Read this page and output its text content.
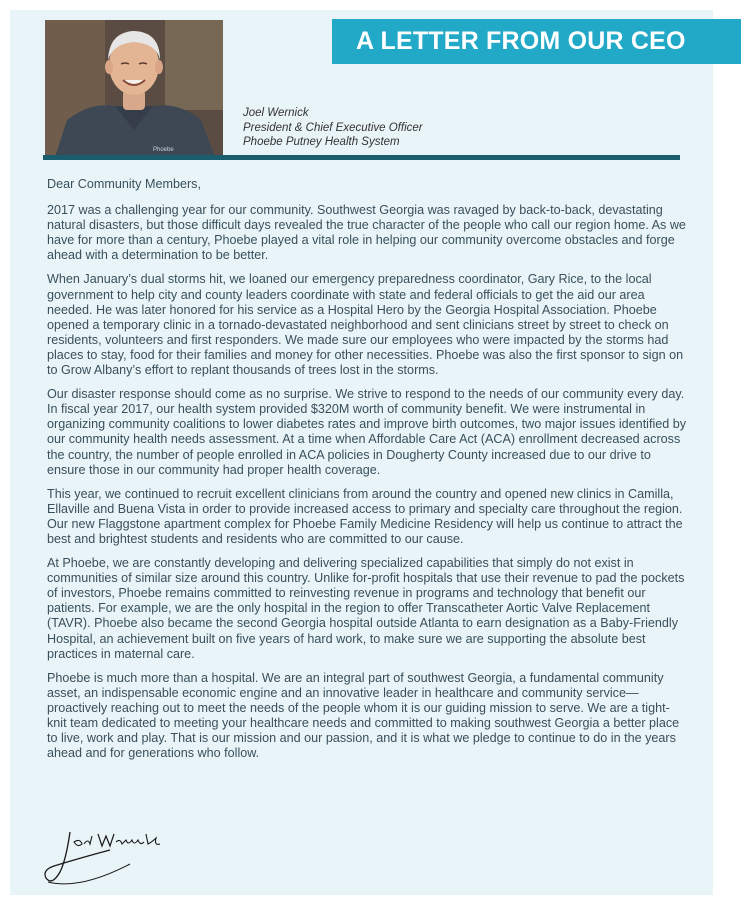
Phoebe
A LETTER FROM OUR CEO
Joel Wernick
President & Chief Executive Officer
Phoebe Putney Health System

Dear Community Members,

2017 was a challenging year for our community. Southwest Georgia was ravaged by back-to-back, devastating natural disasters, but those difficult days revealed the true character of the people who call our region home. As we have for more than a century, Phoebe played a vital role in helping our community overcome obstacles and forge ahead with a determination to be better.

When January’s dual storms hit, we loaned our emergency preparedness coordinator, Gary Rice, to the local government to help city and county leaders coordinate with state and federal officials to get the aid our area needed. He was later honored for his service as a Hospital Hero by the Georgia Hospital Association. Phoebe opened a temporary clinic in a tornado-devastated neighborhood and sent clinicians street by street to check on residents, volunteers and first responders. We made sure our employees who were impacted by the storms had places to stay, food for their families and money for other necessities. Phoebe was also the first sponsor to sign on to Grow Albany’s effort to replant thousands of trees lost in the storms.

Our disaster response should come as no surprise. We strive to respond to the needs of our community every day. In fiscal year 2017, our health system provided $320M worth of community benefit. We were instrumental in organizing community coalitions to lower diabetes rates and improve birth outcomes, two major issues identified by our community health needs assessment. At a time when Affordable Care Act (ACA) enrollment decreased across the country, the number of people enrolled in ACA policies in Dougherty County increased due to our drive to ensure those in our community had proper health coverage.

This year, we continued to recruit excellent clinicians from around the country and opened new clinics in Camilla, Ellaville and Buena Vista in order to provide increased access to primary and specialty care throughout the region. Our new Flaggstone apartment complex for Phoebe Family Medicine Residency will help us continue to attract the best and brightest students and residents who are committed to our cause.

At Phoebe, we are constantly developing and delivering specialized capabilities that simply do not exist in communities of similar size around this country. Unlike for-profit hospitals that use their revenue to pad the pockets of investors, Phoebe remains committed to reinvesting revenue in programs and technology that benefit our patients. For example, we are the only hospital in the region to offer Transcatheter Aortic Valve Replacement (TAVR). Phoebe also became the second Georgia hospital outside Atlanta to earn designation as a Baby-Friendly Hospital, an achievement built on five years of hard work, to make sure we are supporting the absolute best practices in maternal care.

Phoebe is much more than a hospital. We are an integral part of southwest Georgia, a fundamental community asset, an indispensable economic engine and an innovative leader in healthcare and community service—proactively reaching out to meet the needs of the people whom it is our guiding mission to serve. We are a tight-knit team dedicated to meeting your healthcare needs and committed to making southwest Georgia a better place to live, work and play. That is our mission and our passion, and it is what we pledge to continue to do in the years ahead and for generations who follow.
